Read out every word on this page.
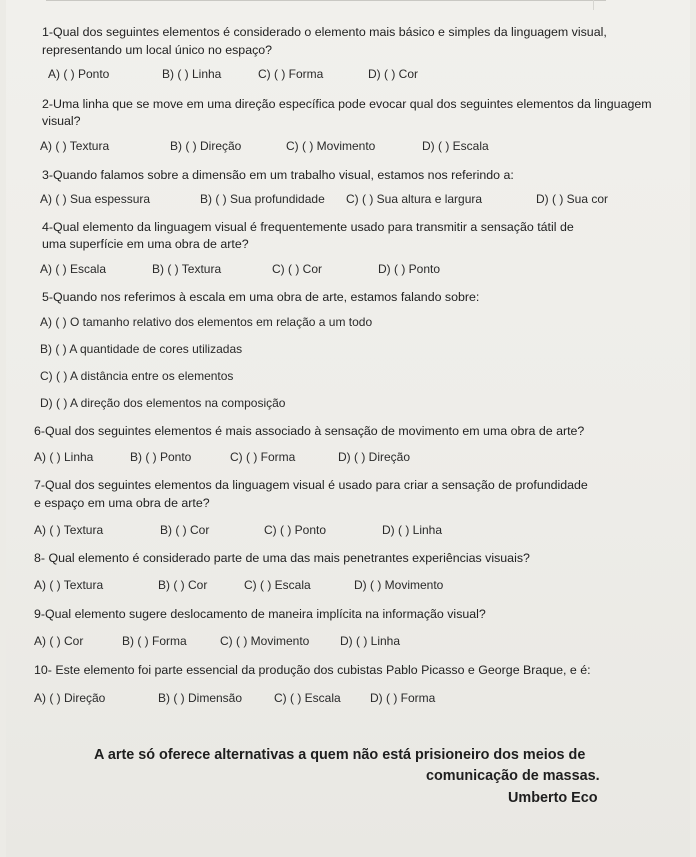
1-Qual dos seguintes elementos é considerado o elemento mais básico e simples da linguagem visual,
representando um local único no espaço?
A) ( ) Ponto	B) ( ) Linha	C) ( ) Forma	D) ( ) Cor
2-Uma linha que se move em uma direção específica pode evocar qual dos seguintes elementos da linguagem
visual?
A) ( ) Textura	B) ( ) Direção	C) ( ) Movimento	D) ( ) Escala
3-Quando falamos sobre a dimensão em um trabalho visual, estamos nos referindo a:
A) ( ) Sua espessura	B) ( ) Sua profundidade C) ( ) Sua altura e largura	D) ( ) Sua cor
4-Qual elemento da linguagem visual é frequentemente usado para transmitir a sensação tátil de
uma superfície em uma obra de arte?
A) ( ) Escala	B) ( ) Textura	C) ( ) Cor	D) ( ) Ponto
5-Quando nos referimos à escala em uma obra de arte, estamos falando sobre:
A) ( ) O tamanho relativo dos elementos em relação a um todo
B) ( ) A quantidade de cores utilizadas
C) ( ) A distância entre os elementos
D) ( ) A direção dos elementos na composição
6-Qual dos seguintes elementos é mais associado à sensação de movimento em uma obra de arte?
A) ( ) Linha	B) ( ) Ponto	C) ( ) Forma	D) ( ) Direção
7-Qual dos seguintes elementos da linguagem visual é usado para criar a sensação de profundidade
e espaço em uma obra de arte?
A) ( ) Textura	B) ( ) Cor	C) ( ) Ponto	D) ( ) Linha
8- Qual elemento é considerado parte de uma das mais penetrantes experiências visuais?
A) ( ) Textura	B) ( ) Cor	C) ( ) Escala	D) ( ) Movimento
9-Qual elemento sugere deslocamento de maneira implícita na informação visual?
A) ( ) Cor	B) ( ) Forma	C) ( ) Movimento	D) ( ) Linha
10- Este elemento foi parte essencial da produção dos cubistas Pablo Picasso e George Braque, e é:
A) ( ) Direção	B) ( ) Dimensão	C) ( ) Escala D) ( ) Forma
A arte só oferece alternativas a quem não está prisioneiro dos meios de
comunicação de massas.
Umberto Eco
